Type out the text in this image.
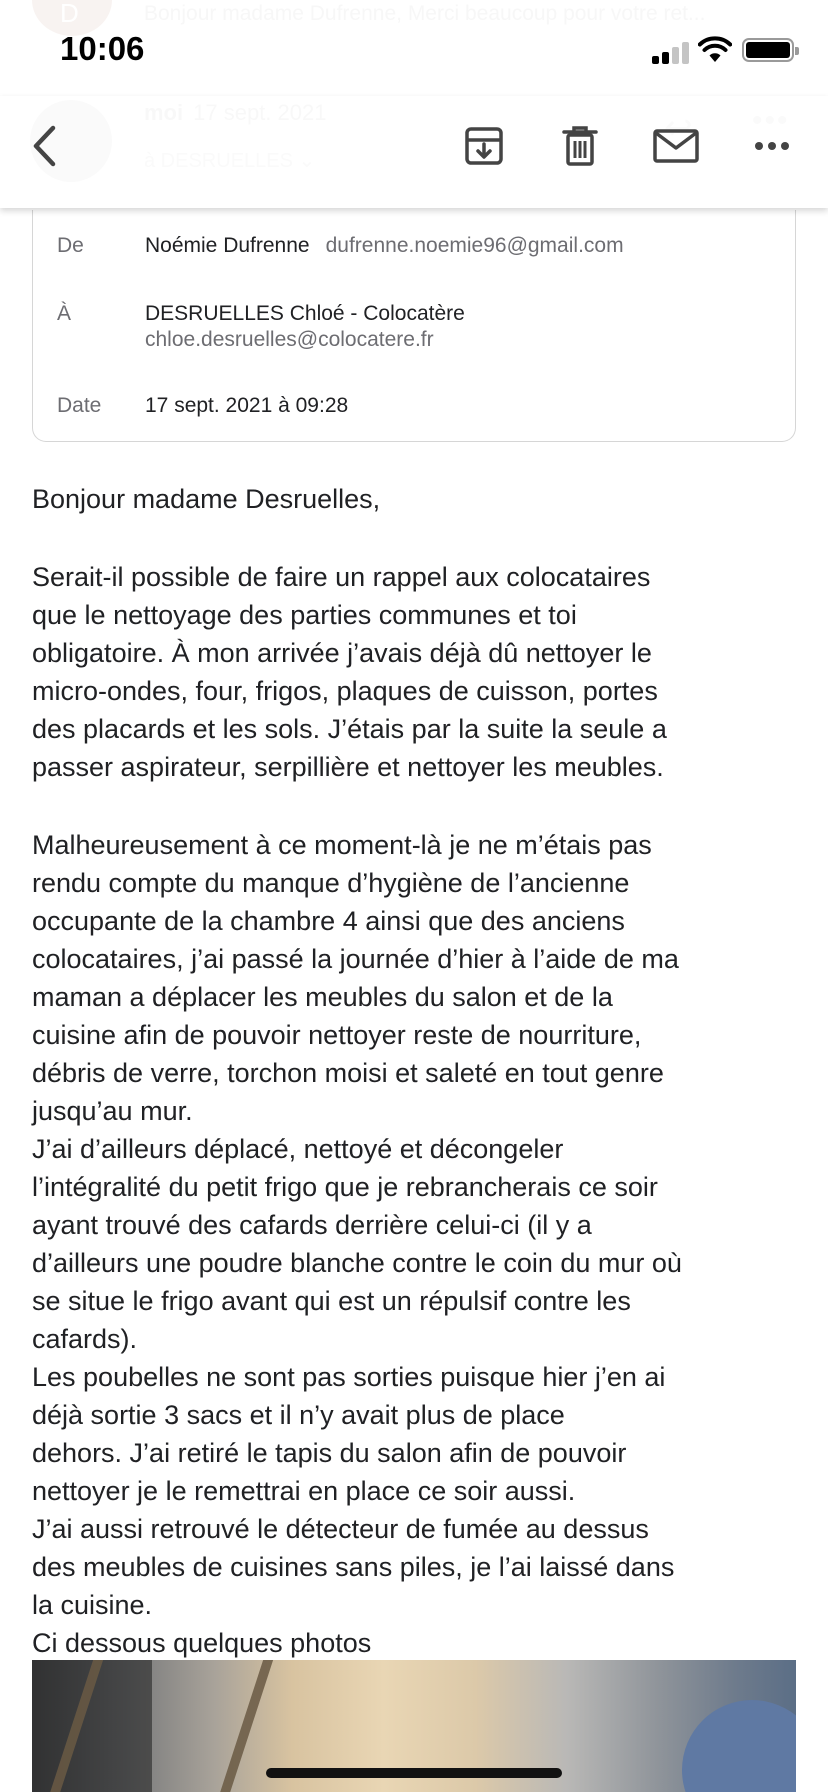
10:06
De	Noémie Dufrenne dufrenne.noemie96@gmail.com
À	DESRUELLES Chloé - Colocatère
chloe.desruelles@colocatere.fr
Date 17 sept. 2021 à 09:28

Bonjour madame Desruelles,

Serait-il possible de faire un rappel aux colocataires

que le nettoyage des parties communes et toi

obligatoire. À mon arrivée j’avais déjà dû nettoyer le

micro-ondes, four, frigos, plaques de cuisson, portes

des placards et les sols. J’étais par la suite la seule a

passer aspirateur, serpillière et nettoyer les meubles.

Malheureusement à ce moment-là je ne m’étais pas

rendu compte du manque d’hygiène de l’ancienne

occupante de la chambre 4 ainsi que des anciens

colocataires, j’ai passé la journée d’hier à l’aide de ma

maman a déplacer les meubles du salon et de la

cuisine afin de pouvoir nettoyer reste de nourriture,

débris de verre, torchon moisi et saleté en tout genre

jusqu’au mur.

J’ai d’ailleurs déplacé, nettoyé et décongeler

l’intégralité du petit frigo que je rebrancherais ce soir

ayant trouvé des cafards derrière celui-ci (il y a

d’ailleurs une poudre blanche contre le coin du mur où

se situe le frigo avant qui est un répulsif contre les

cafards).

Les poubelles ne sont pas sorties puisque hier j’en ai

déjà sortie 3 sacs et il n’y avait plus de place

dehors. J’ai retiré le tapis du salon afin de pouvoir

nettoyer je le remettrai en place ce soir aussi.

J’ai aussi retrouvé le détecteur de fumée au dessus

des meubles de cuisines sans piles, je l’ai laissé dans

la cuisine.

Ci dessous quelques photos
